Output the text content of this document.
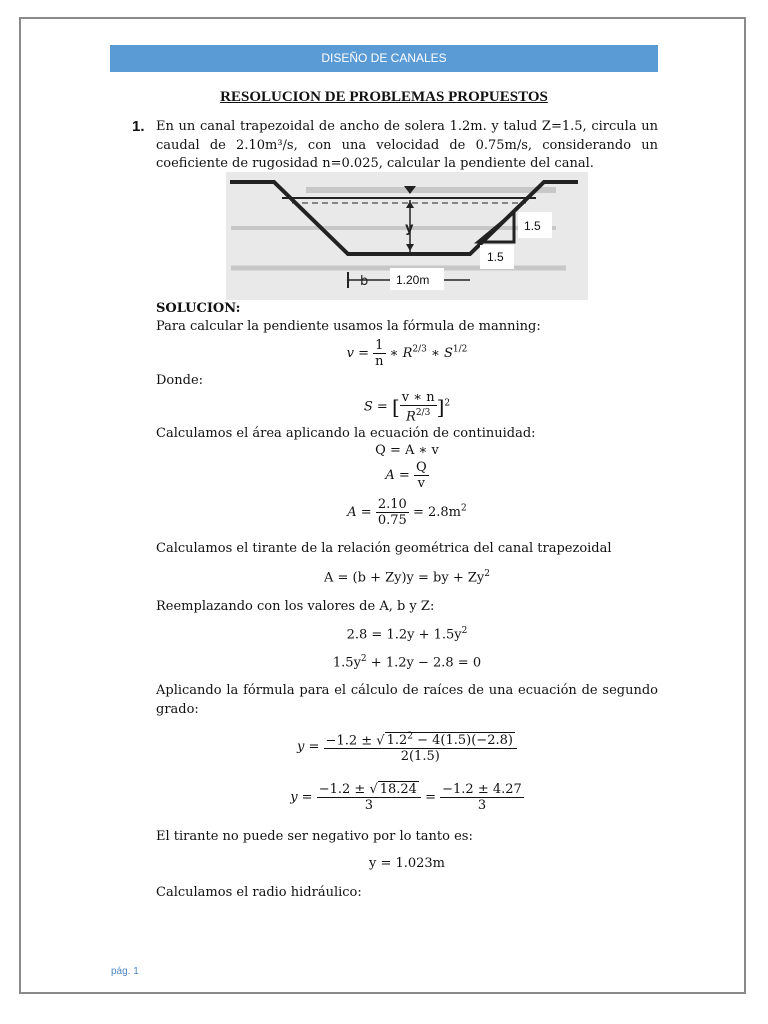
DISEÑO DE CANALES
RESOLUCION DE PROBLEMAS PROPUESTOS
1. En un canal trapezoidal de ancho de solera 1.2m. y talud Z=1.5, circula un caudal de 2.10m³/s, con una velocidad de 0.75m/s, considerando un coeficiente de rugosidad n=0.025, calcular la pendiente del canal.
y	1.5
1.5
b 1.20m
SOLUCION:
Para calcular la pendiente usamos la fórmula de manning:
$v = \frac{1}{n}$ ∗ $R^{2/3}$ ∗ $S^{1/2}$
Donde:
S = [ $\frac{v ∗ n}{R^{2/3}} ]^2$
Calculamos el área aplicando la ecuación de continuidad:
Q = A ∗ v
$A = \frac{Q}{v}$
$A = \frac{2.10}{0.75} = 2.8m^2$
Calculamos el tirante de la relación geométrica del canal trapezoidal
A = (b + Zy)y = by + $Zy^2$
Reemplazando con los valores de A, b y Z:
$2.8 = 1.2y + 1.5y^2$
$1.5y^2 + 1.2y - 2.8 = 0$
Aplicando la fórmula para el cálculo de raíces de una ecuación de segundo grado:
$y = \frac{-1.2 \pm √ 1.2^2 - 4(1.5)(-2.8)}{2(1.5)}$
$y = \frac{-1.2 \pm √ 18.24}{3} = \frac{-1.2 \pm 4.27}{3}$
El tirante no puede ser negativo por lo tanto es:
y = 1.023m
Calculamos el radio hidráulico:
pág. 1
